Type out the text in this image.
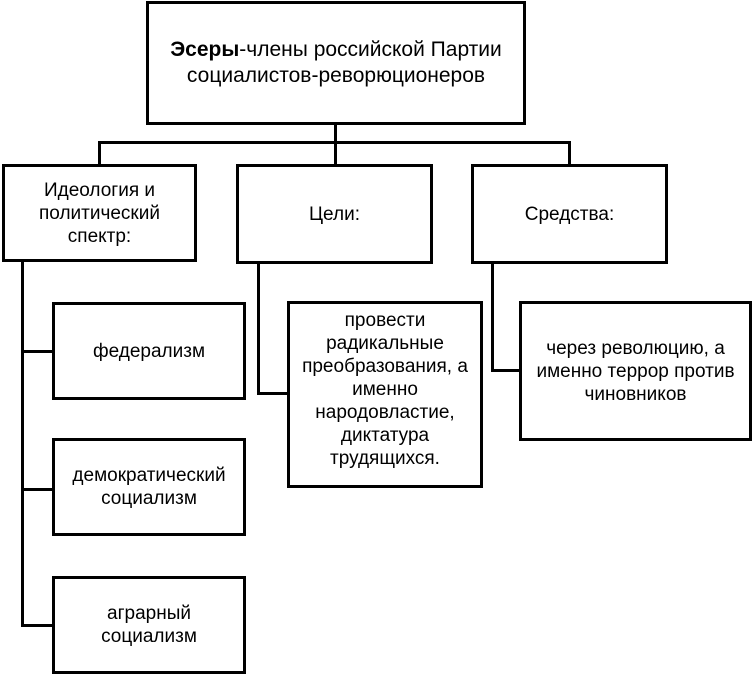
Эсеры-члены российской Партии
социалистов-реворюционеров
Идеология и
политический
спектр:
Цели:	Средства:
федерализм
демократический
социализм
аграрный
социализм
провести
радикальные
преобразования, а
именно
народовластие,
диктатура
трудящихся.
через революцию, а
именно террор против
чиновников
